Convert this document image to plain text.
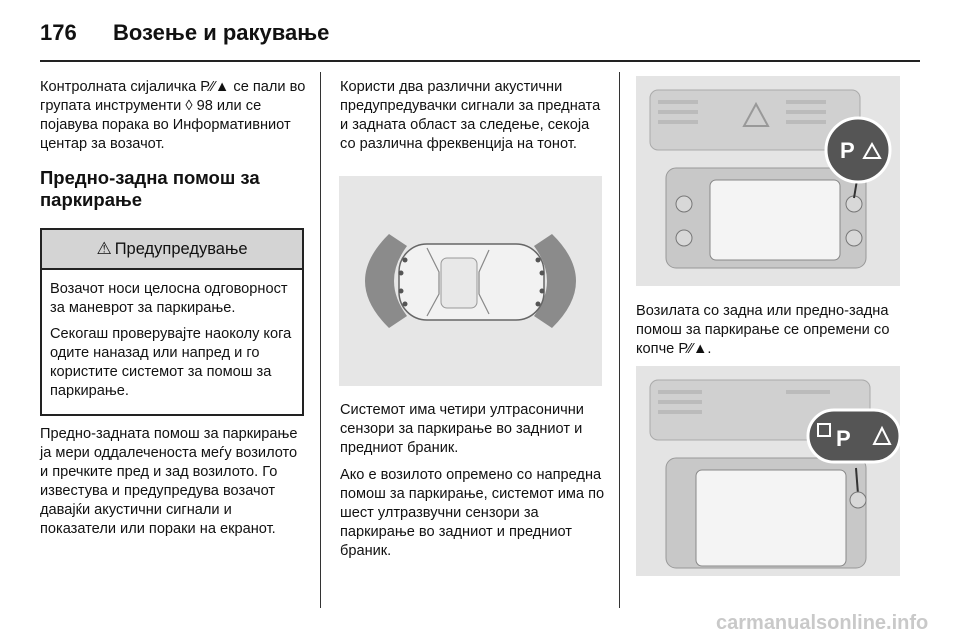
176 Возење и ракување

Контролната сијаличка P⁄⁄▲ се пали во групата инструменти ◊ 98 или се појавува порака во Информативниот центар за возачот.

Предно-задна помош за паркирање
⚠ Предупредување

Возачот носи целосна одговорност за маневрот за паркирање.

Секогаш проверувајте наоколу кога одите наназад или напред и го користите системот за помош за паркирање.

Предно-задната помош за паркирање ја мери оддалеченоста меѓу возилото и пречките пред и зад возилото. Го известува и предупредува возачот давајќи акустични сигнали и показатели или пораки на екранот.

Користи два различни акустични предупредувачки сигнали за предната и задната област за следење, секоја со различна фреквенција на тонот.

Системот има четири ултрасонични сензори за паркирање во задниот и предниот браник.

Ако е возилото опремено со напредна помош за паркирање, системот има по шест ултразвучни сензори за паркирање во задниот и предниот браник.

P

Возилата со задна или предно-задна помош за паркирање се опремени со копче P⁄⁄▲.

P
carmanualsonline.info
